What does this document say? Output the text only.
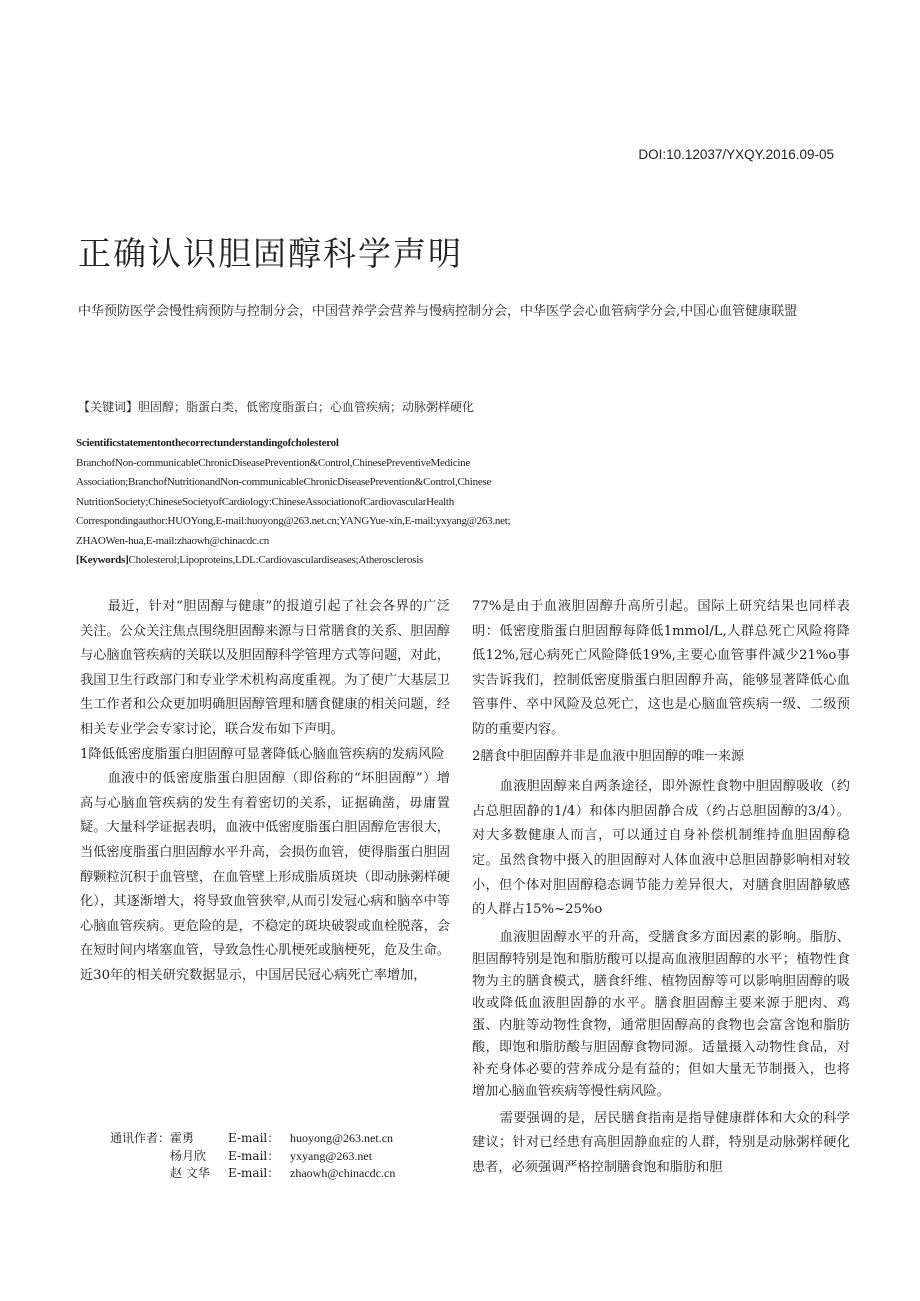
DOI:10.12037/YXQY.2016.09-05
正确认识胆固醇科学声明
中华预防医学会慢性病预防与控制分会，中国营养学会营养与慢病控制分会，中华医学会心血管病学分会,中国心血管健康联盟
【关键词】胆固醇；脂蛋白类，低密度脂蛋白；心血管疾病；动脉粥样硬化
Scientificstatementonthecorrectunderstandingofcholesterol
BranchofNon-communicableChronicDiseasePrevention&Control,ChinesePreventiveMedicine
Association;BranchofNutritionandNon-communicableChronicDiseasePrevention&Control,Chinese
NutritionSociety;ChineseSocietyofCardiology:ChineseAssociationofCardiovascularHealth
Correspondingauthor:HUOYong,E-mail:huoyong@263.net.cn;YANGYue-xin,E-mail:yxyang@263.net;
ZHAOWen-hua,E-mail:zhaowh@chinacdc.cn
[Keywords]Cholesterol;Lipoproteins,LDL:Cardiovasculardiseases;Atherosclerosis

最近，针对“胆固醇与健康”的报道引起了社会各界的广泛关注。公众关注焦点围绕胆固醇来源与日常膳食的关系、胆固醇与心脑血管疾病的关联以及胆固醇科学管理方式等问题，对此，我国卫生行政部门和专业学术机构高度重视。为了使广大基层卫生工作者和公众更加明确胆固醇管理和膳食健康的相关问题，经相关专业学会专家讨论，联合发布如下声明。

1降低低密度脂蛋白胆固醇可显著降低心脑血管疾病的发病风险

血液中的低密度脂蛋白胆固醇（即俗称的“坏胆固醇”）增高与心脑血管疾病的发生有着密切的关系，证据确凿，毋庸置疑。大量科学证据表明，血液中低密度脂蛋白胆固醇危害很大，当低密度脂蛋白胆固醇水平升高，会损伤血管，使得脂蛋白胆固醇颗粒沉积于血管壁，在血管壁上形成脂质斑块（即动脉粥样硬化），其逐渐增大，将导致血管狭窄,从而引发冠心病和脑卒中等心脑血管疾病。更危险的是，不稳定的斑块破裂或血栓脱落，会在短时间内堵塞血管，导致急性心肌梗死或脑梗死，危及生命。近30年的相关研究数据显示，中国居民冠心病死亡率增加，

77%是由于血液胆固醇升高所引起。国际上研究结果也同样表明：低密度脂蛋白胆固醇每降低1mmol/L,人群总死亡风险将降低12%,冠心病死亡风险降低19%,主要心血管事件减少21%o事实告诉我们，控制低密度脂蛋白胆固醇升高，能够显著降低心血管事件、卒中风险及总死亡，这也是心脑血管疾病一级、二级预防的重要内容。

2膳食中胆固醇并非是血液中胆固醇的唯一来源

血液胆固醇来自两条途径，即外源性食物中胆固醇吸收（约占总胆固静的1/4）和体内胆固静合成（约占总胆固醇的3/4）。对大多数健康人而言，可以通过自身补偿机制维持血胆固醇稳定。虽然食物中摄入的胆固醇对人体血液中总胆固静影响相对较小，但个体对胆固醇稳态调节能力差异很大，对膳食胆固静敏感的人群占15%~25%o

血液胆固醇水平的升高，受膳食多方面因素的影响。脂肪、胆固醇特别是饱和脂肪酸可以提高血液胆固醇的水平；植物性食物为主的膳食模式，膳食纤维、植物固醇等可以影响胆固醇的吸收或降低血液胆固静的水平。膳食胆固醇主要来源于肥肉、鸡蛋、内脏等动物性食物，通常胆固醇高的食物也会富含饱和脂肪酸，即饱和脂肪酸与胆固醇食物同源。适量摄入动物性食品，对补充身体必要的营养成分是有益的；但如大量无节制摄入，也将增加心脑血管疾病等慢性病风险。

需要强调的是，居民膳食指南是指导健康群体和大众的科学建议；针对已经患有高胆固静血症的人群，特别是动脉粥样硬化患者，必须强调严格控制膳食饱和脂肪和胆

通讯作者： 霍勇	E-mail： huoyong@263.net.cn
杨月欣	E-mail： yxyang@263.net
赵 文华	E-mail： zhaowh@chinacdc.cn
